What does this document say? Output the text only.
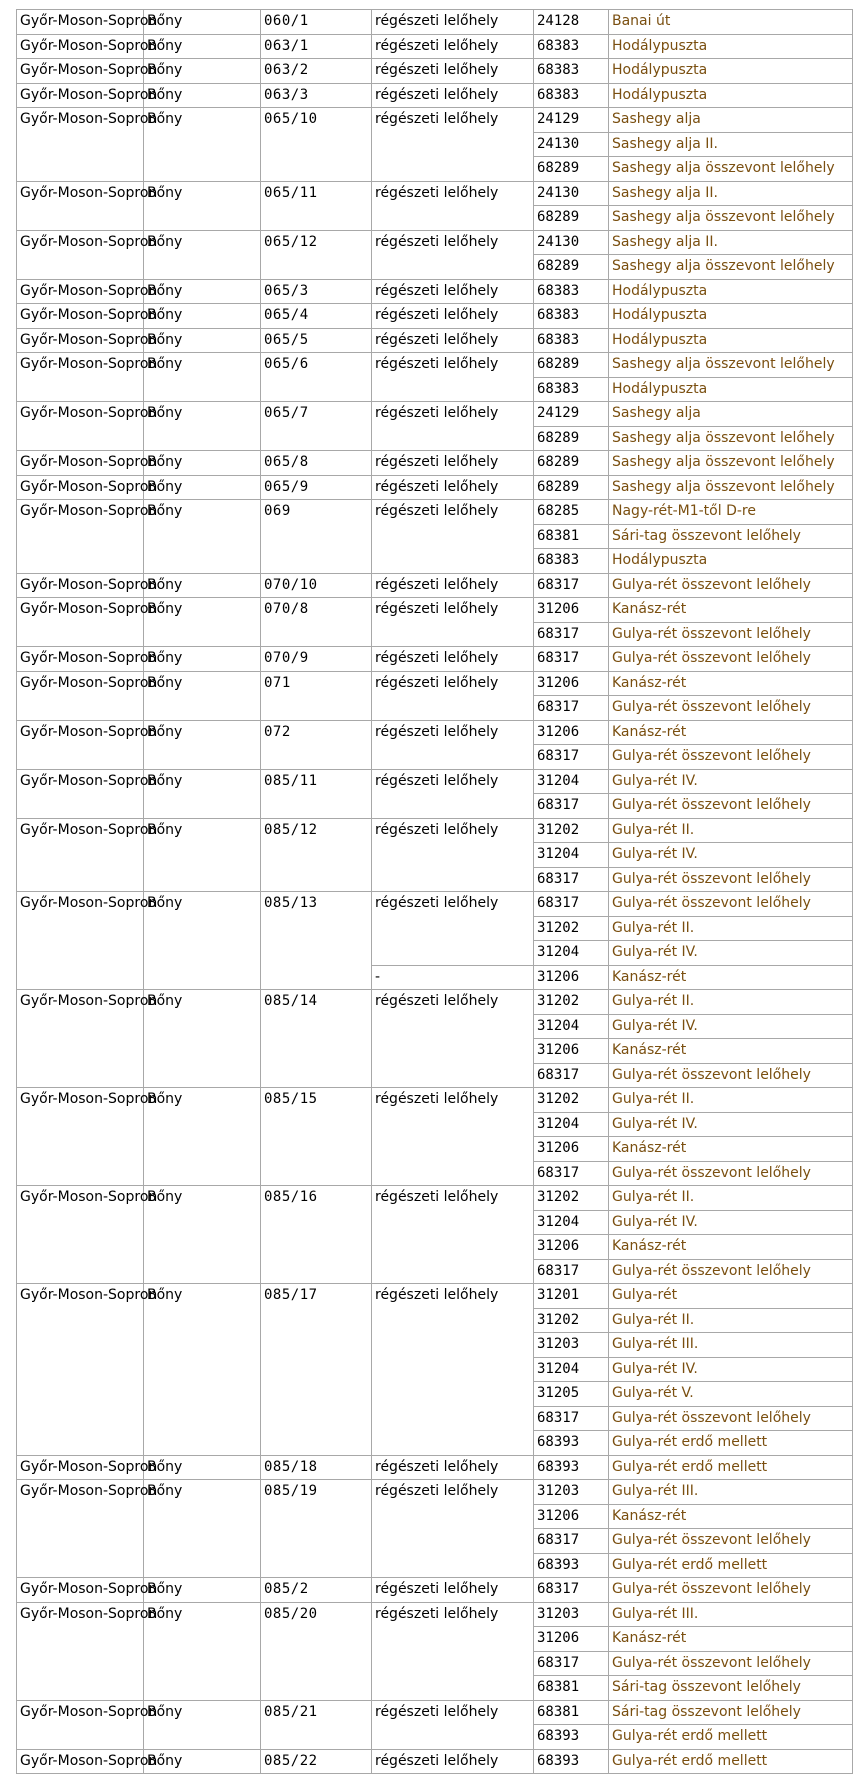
Győr-Moson-Sopron	Bőny	060/1	régészeti lelőhely	24128	Banai út
Győr-Moson-Sopron	Bőny	063/1	régészeti lelőhely	68383	Hodálypuszta
Győr-Moson-Sopron	Bőny	063/2	régészeti lelőhely	68383	Hodálypuszta
Győr-Moson-Sopron	Bőny	063/3	régészeti lelőhely	68383	Hodálypuszta
Győr-Moson-Sopron	Bőny	065/10	régészeti lelőhely	24129	Sashegy alja
				24130	Sashegy alja II.
				68289	Sashegy alja összevont lelőhely
Győr-Moson-Sopron	Bőny	065/11	régészeti lelőhely	24130	Sashegy alja II.
				68289	Sashegy alja összevont lelőhely
Győr-Moson-Sopron	Bőny	065/12	régészeti lelőhely	24130	Sashegy alja II.
				68289	Sashegy alja összevont lelőhely
Győr-Moson-Sopron	Bőny	065/3	régészeti lelőhely	68383	Hodálypuszta
Győr-Moson-Sopron	Bőny	065/4	régészeti lelőhely	68383	Hodálypuszta
Győr-Moson-Sopron	Bőny	065/5	régészeti lelőhely	68383	Hodálypuszta
Győr-Moson-Sopron	Bőny	065/6	régészeti lelőhely	68289	Sashegy alja összevont lelőhely
				68383	Hodálypuszta
Győr-Moson-Sopron	Bőny	065/7	régészeti lelőhely	24129	Sashegy alja
				68289	Sashegy alja összevont lelőhely
Győr-Moson-Sopron	Bőny	065/8	régészeti lelőhely	68289	Sashegy alja összevont lelőhely
Győr-Moson-Sopron	Bőny	065/9	régészeti lelőhely	68289	Sashegy alja összevont lelőhely
Győr-Moson-Sopron	Bőny	069	régészeti lelőhely	68285	Nagy-rét-M1-től D-re
				68381	Sári-tag összevont lelőhely
				68383	Hodálypuszta
Győr-Moson-Sopron	Bőny	070/10	régészeti lelőhely	68317	Gulya-rét összevont lelőhely
Győr-Moson-Sopron	Bőny	070/8	régészeti lelőhely	31206	Kanász-rét
				68317	Gulya-rét összevont lelőhely
Győr-Moson-Sopron	Bőny	070/9	régészeti lelőhely	68317	Gulya-rét összevont lelőhely
Győr-Moson-Sopron	Bőny	071	régészeti lelőhely	31206	Kanász-rét
				68317	Gulya-rét összevont lelőhely
Győr-Moson-Sopron	Bőny	072	régészeti lelőhely	31206	Kanász-rét
				68317	Gulya-rét összevont lelőhely
Győr-Moson-Sopron	Bőny	085/11	régészeti lelőhely	31204	Gulya-rét IV.
				68317	Gulya-rét összevont lelőhely
Győr-Moson-Sopron	Bőny	085/12	régészeti lelőhely	31202	Gulya-rét II.
				31204	Gulya-rét IV.
				68317	Gulya-rét összevont lelőhely
Győr-Moson-Sopron	Bőny	085/13	régészeti lelőhely	68317	Gulya-rét összevont lelőhely
				31202	Gulya-rét II.
				31204	Gulya-rét IV.
			-	31206	Kanász-rét
Győr-Moson-Sopron	Bőny	085/14	régészeti lelőhely	31202	Gulya-rét II.
				31204	Gulya-rét IV.
				31206	Kanász-rét
				68317	Gulya-rét összevont lelőhely
Győr-Moson-Sopron	Bőny	085/15	régészeti lelőhely	31202	Gulya-rét II.
				31204	Gulya-rét IV.
				31206	Kanász-rét
				68317	Gulya-rét összevont lelőhely
Győr-Moson-Sopron	Bőny	085/16	régészeti lelőhely	31202	Gulya-rét II.
				31204	Gulya-rét IV.
				31206	Kanász-rét
				68317	Gulya-rét összevont lelőhely
Győr-Moson-Sopron	Bőny	085/17	régészeti lelőhely	31201	Gulya-rét
				31202	Gulya-rét II.
				31203	Gulya-rét III.
				31204	Gulya-rét IV.
				31205	Gulya-rét V.
				68317	Gulya-rét összevont lelőhely
				68393	Gulya-rét erdő mellett
Győr-Moson-Sopron	Bőny	085/18	régészeti lelőhely	68393	Gulya-rét erdő mellett
Győr-Moson-Sopron	Bőny	085/19	régészeti lelőhely	31203	Gulya-rét III.
				31206	Kanász-rét
				68317	Gulya-rét összevont lelőhely
				68393	Gulya-rét erdő mellett
Győr-Moson-Sopron	Bőny	085/2	régészeti lelőhely	68317	Gulya-rét összevont lelőhely
Győr-Moson-Sopron	Bőny	085/20	régészeti lelőhely	31203	Gulya-rét III.
				31206	Kanász-rét
				68317	Gulya-rét összevont lelőhely
				68381	Sári-tag összevont lelőhely
Győr-Moson-Sopron	Bőny	085/21	régészeti lelőhely	68381	Sári-tag összevont lelőhely
				68393	Gulya-rét erdő mellett
Győr-Moson-Sopron	Bőny	085/22	régészeti lelőhely	68393	Gulya-rét erdő mellett
